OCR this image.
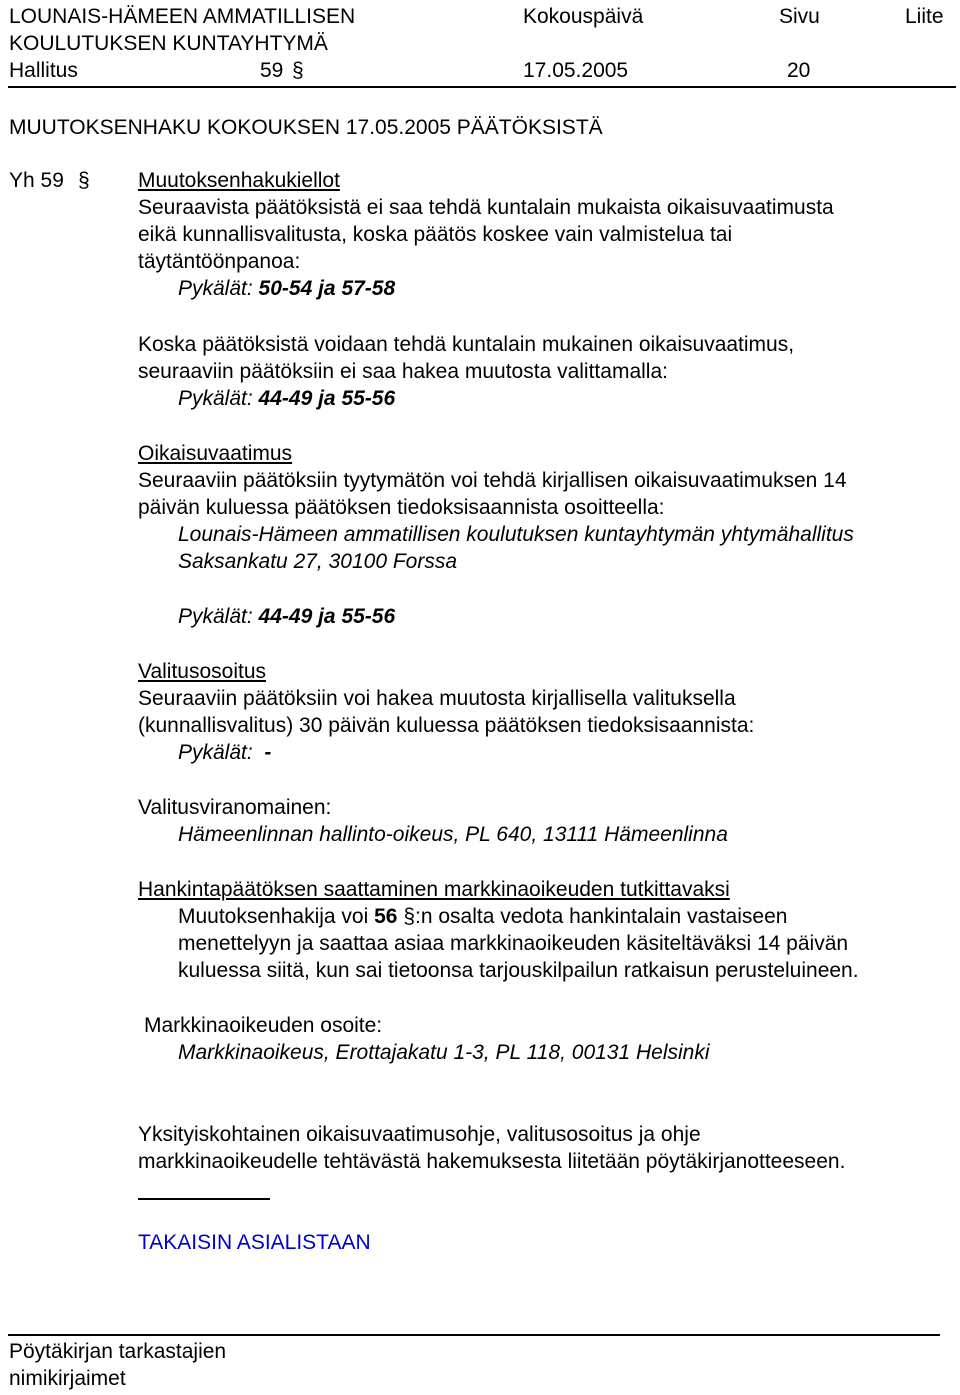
LOUNAIS-HÄMEEN AMMATILLISEN
KOULUTUKSEN KUNTAYHTYMÄ
Kokouspäivä	Sivu	Liite
Hallitus	59 §	17.05.2005	20
MUUTOKSENHAKU KOKOUKSEN 17.05.2005 PÄÄTÖKSISTÄ
Yh 59 § Muutoksenhakukiellot
Seuraavista päätöksistä ei saa tehdä kuntalain mukaista oikaisuvaatimusta
eikä kunnallisvalitusta, koska päätös koskee vain valmistelua tai
täytäntöönpanoa:
Pykälät: 50-54 ja 57-58
Koska päätöksistä voidaan tehdä kuntalain mukainen oikaisuvaatimus,
seuraaviin päätöksiin ei saa hakea muutosta valittamalla:
Pykälät: 44-49 ja 55-56
Oikaisuvaatimus
Seuraaviin päätöksiin tyytymätön voi tehdä kirjallisen oikaisuvaatimuksen 14
päivän kuluessa päätöksen tiedoksisaannista osoitteella:
Lounais-Hämeen ammatillisen koulutuksen kuntayhtymän yhtymähallitus
Saksankatu 27, 30100 Forssa
Pykälät: 44-49 ja 55-56
Valitusosoitus
Seuraaviin päätöksiin voi hakea muutosta kirjallisella valituksella
(kunnallisvalitus) 30 päivän kuluessa päätöksen tiedoksisaannista:
Pykälät: -
Valitusviranomainen:
Hämeenlinnan hallinto-oikeus, PL 640, 13111 Hämeenlinna
Hankintapäätöksen saattaminen markkinaoikeuden tutkittavaksi
Muutoksenhakija voi 56 §:n osalta vedota hankintalain vastaiseen
menettelyyn ja saattaa asiaa markkinaoikeuden käsiteltäväksi 14 päivän
kuluessa siitä, kun sai tietoonsa tarjouskilpailun ratkaisun perusteluineen.
Markkinaoikeuden osoite:
Markkinaoikeus, Erottajakatu 1-3, PL 118, 00131 Helsinki
Yksityiskohtainen oikaisuvaatimusohje, valitusosoitus ja ohje
markkinaoikeudelle tehtävästä hakemuksesta liitetään pöytäkirjanotteeseen.
TAKAISIN ASIALISTAAN
Pöytäkirjan tarkastajien
nimikirjaimet
